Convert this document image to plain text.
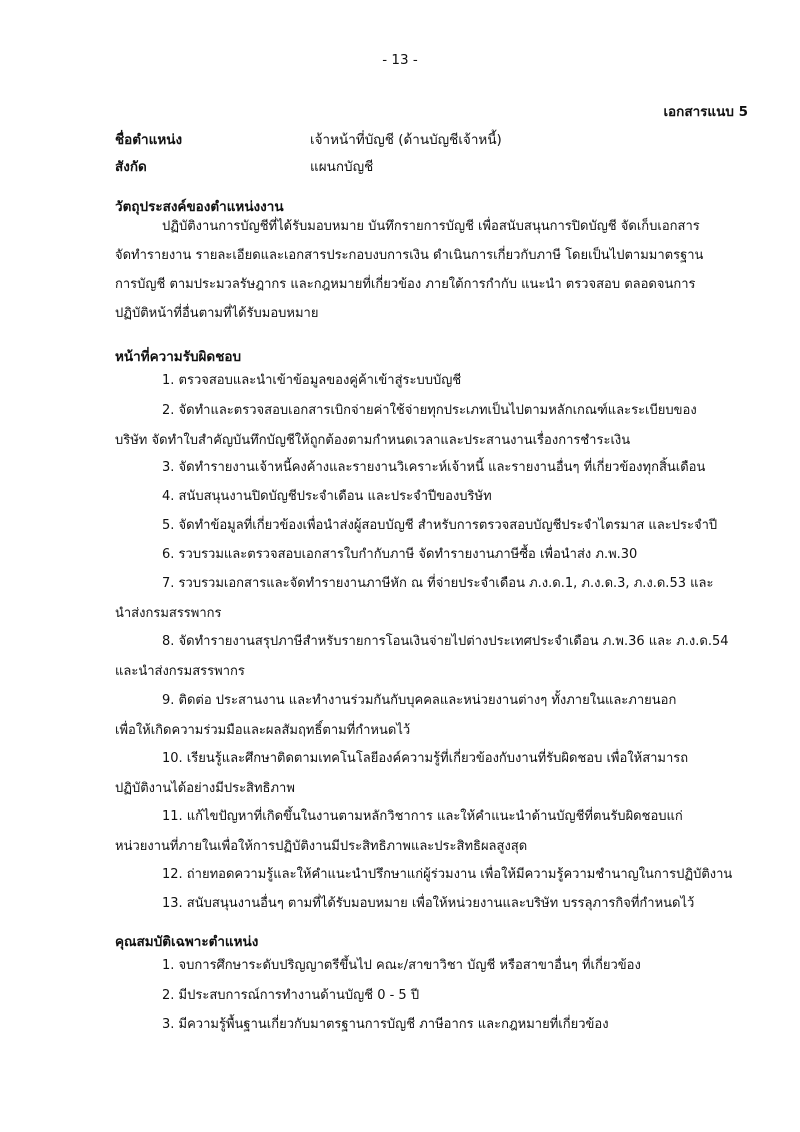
- 13 -
เอกสารแนบ 5
ชื่อตำแหน่ง	เจ้าหน้าที่บัญชี (ด้านบัญชีเจ้าหนี้)
สังกัด	แผนกบัญชี
วัตถุประสงค์ของตำแหน่งงาน
ปฏิบัติงานการบัญชีที่ได้รับมอบหมาย บันทึกรายการบัญชี เพื่อสนับสนุนการปิดบัญชี จัดเก็บเอกสาร
จัดทำรายงาน รายละเอียดและเอกสารประกอบงบการเงิน ดำเนินการเกี่ยวกับภาษี โดยเป็นไปตามมาตรฐาน
การบัญชี ตามประมวลรัษฎากร และกฎหมายที่เกี่ยวข้อง ภายใต้การกำกับ แนะนำ ตรวจสอบ ตลอดจนการ
ปฏิบัติหน้าที่อื่นตามที่ได้รับมอบหมาย
หน้าที่ความรับผิดชอบ
1. ตรวจสอบและนำเข้าข้อมูลของคู่ค้าเข้าสู่ระบบบัญชี
2. จัดทำและตรวจสอบเอกสารเบิกจ่ายค่าใช้จ่ายทุกประเภทเป็นไปตามหลักเกณฑ์และระเบียบของ
บริษัท จัดทำใบสำคัญบันทึกบัญชีให้ถูกต้องตามกำหนดเวลาและประสานงานเรื่องการชำระเงิน
3. จัดทำรายงานเจ้าหนี้คงค้างและรายงานวิเคราะห์เจ้าหนี้ และรายงานอื่นๆ ที่เกี่ยวข้องทุกสิ้นเดือน
4. สนับสนุนงานปิดบัญชีประจำเดือน และประจำปีของบริษัท
5. จัดทำข้อมูลที่เกี่ยวข้องเพื่อนำส่งผู้สอบบัญชี สำหรับการตรวจสอบบัญชีประจำไตรมาส และประจำปี
6. รวบรวมและตรวจสอบเอกสารใบกำกับภาษี จัดทำรายงานภาษีซื้อ เพื่อนำส่ง ภ.พ.30
7. รวบรวมเอกสารและจัดทำรายงานภาษีหัก ณ ที่จ่ายประจำเดือน ภ.ง.ด.1, ภ.ง.ด.3, ภ.ง.ด.53 และ
นำส่งกรมสรรพากร
8. จัดทำรายงานสรุปภาษีสำหรับรายการโอนเงินจ่ายไปต่างประเทศประจำเดือน ภ.พ.36 และ ภ.ง.ด.54
และนำส่งกรมสรรพากร
9. ติดต่อ ประสานงาน และทำงานร่วมกันกับบุคคลและหน่วยงานต่างๆ ทั้งภายในและภายนอก
เพื่อให้เกิดความร่วมมือและผลสัมฤทธิ์ตามที่กำหนดไว้
10. เรียนรู้และศึกษาติดตามเทคโนโลยีองค์ความรู้ที่เกี่ยวข้องกับงานที่รับผิดชอบ เพื่อให้สามารถ
ปฏิบัติงานได้อย่างมีประสิทธิภาพ
11. แก้ไขปัญหาที่เกิดขึ้นในงานตามหลักวิชาการ และให้คำแนะนำด้านบัญชีที่ตนรับผิดชอบแก่
หน่วยงานที่ภายในเพื่อให้การปฏิบัติงานมีประสิทธิภาพและประสิทธิผลสูงสุด
12. ถ่ายทอดความรู้และให้คำแนะนำปรึกษาแก่ผู้ร่วมงาน เพื่อให้มีความรู้ความชำนาญในการปฏิบัติงาน
13. สนับสนุนงานอื่นๆ ตามที่ได้รับมอบหมาย เพื่อให้หน่วยงานและบริษัท บรรลุภารกิจที่กำหนดไว้
คุณสมบัติเฉพาะตำแหน่ง
1. จบการศึกษาระดับปริญญาตรีขึ้นไป คณะ/สาขาวิชา บัญชี หรือสาขาอื่นๆ ที่เกี่ยวข้อง
2. มีประสบการณ์การทำงานด้านบัญชี 0 - 5 ปี
3. มีความรู้พื้นฐานเกี่ยวกับมาตรฐานการบัญชี ภาษีอากร และกฎหมายที่เกี่ยวข้อง
